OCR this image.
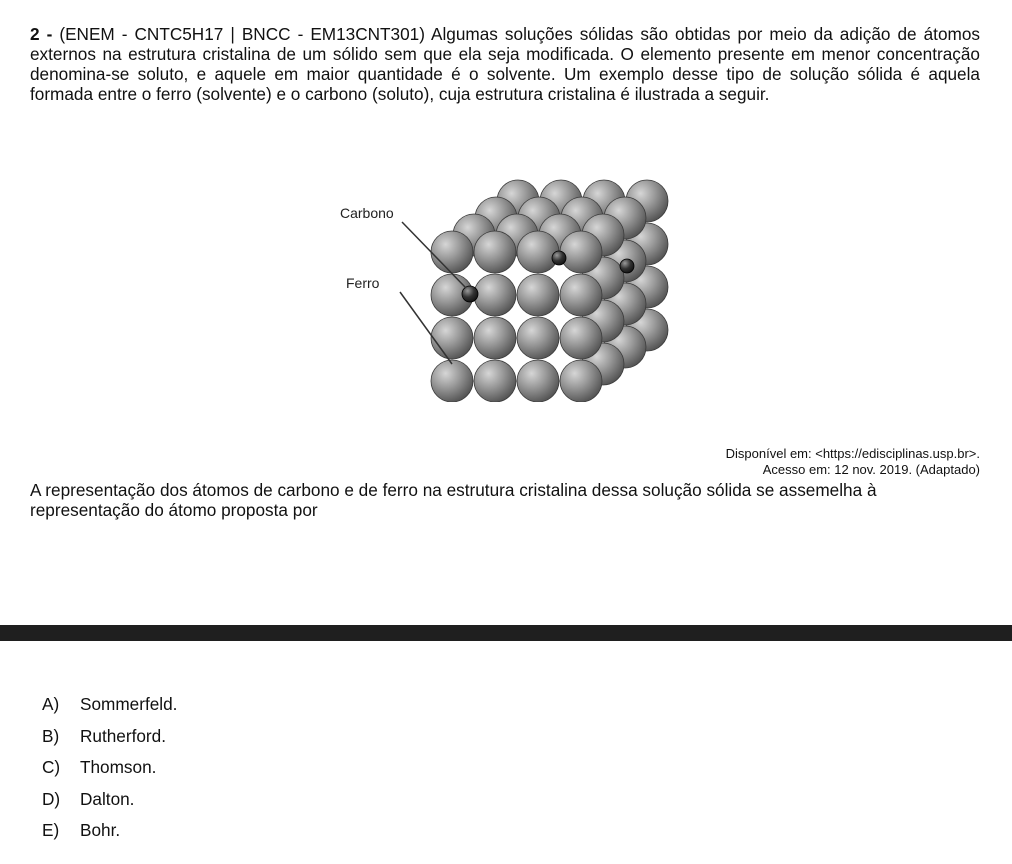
2 - (ENEM - CNTC5H17 | BNCC - EM13CNT301) Algumas soluções sólidas são obtidas por meio da adição de átomos externos na estrutura cristalina de um sólido sem que ela seja modificada. O elemento presente em menor concentração denomina-se soluto, e aquele em maior quantidade é o solvente. Um exemplo desse tipo de solução sólida é aquela formada entre o ferro (solvente) e o carbono (soluto), cuja estrutura cristalina é ilustrada a seguir.
Carbono
Ferro
Disponível em: <https://edisciplinas.usp.br>.
Acesso em: 12 nov. 2019. (Adaptado)
A representação dos átomos de carbono e de ferro na estrutura cristalina dessa solução sólida se assemelha à representação do átomo proposta por
A)	Sommerfeld.
B)	Rutherford.
C)	Thomson.
D)	Dalton.
E)	Bohr.
